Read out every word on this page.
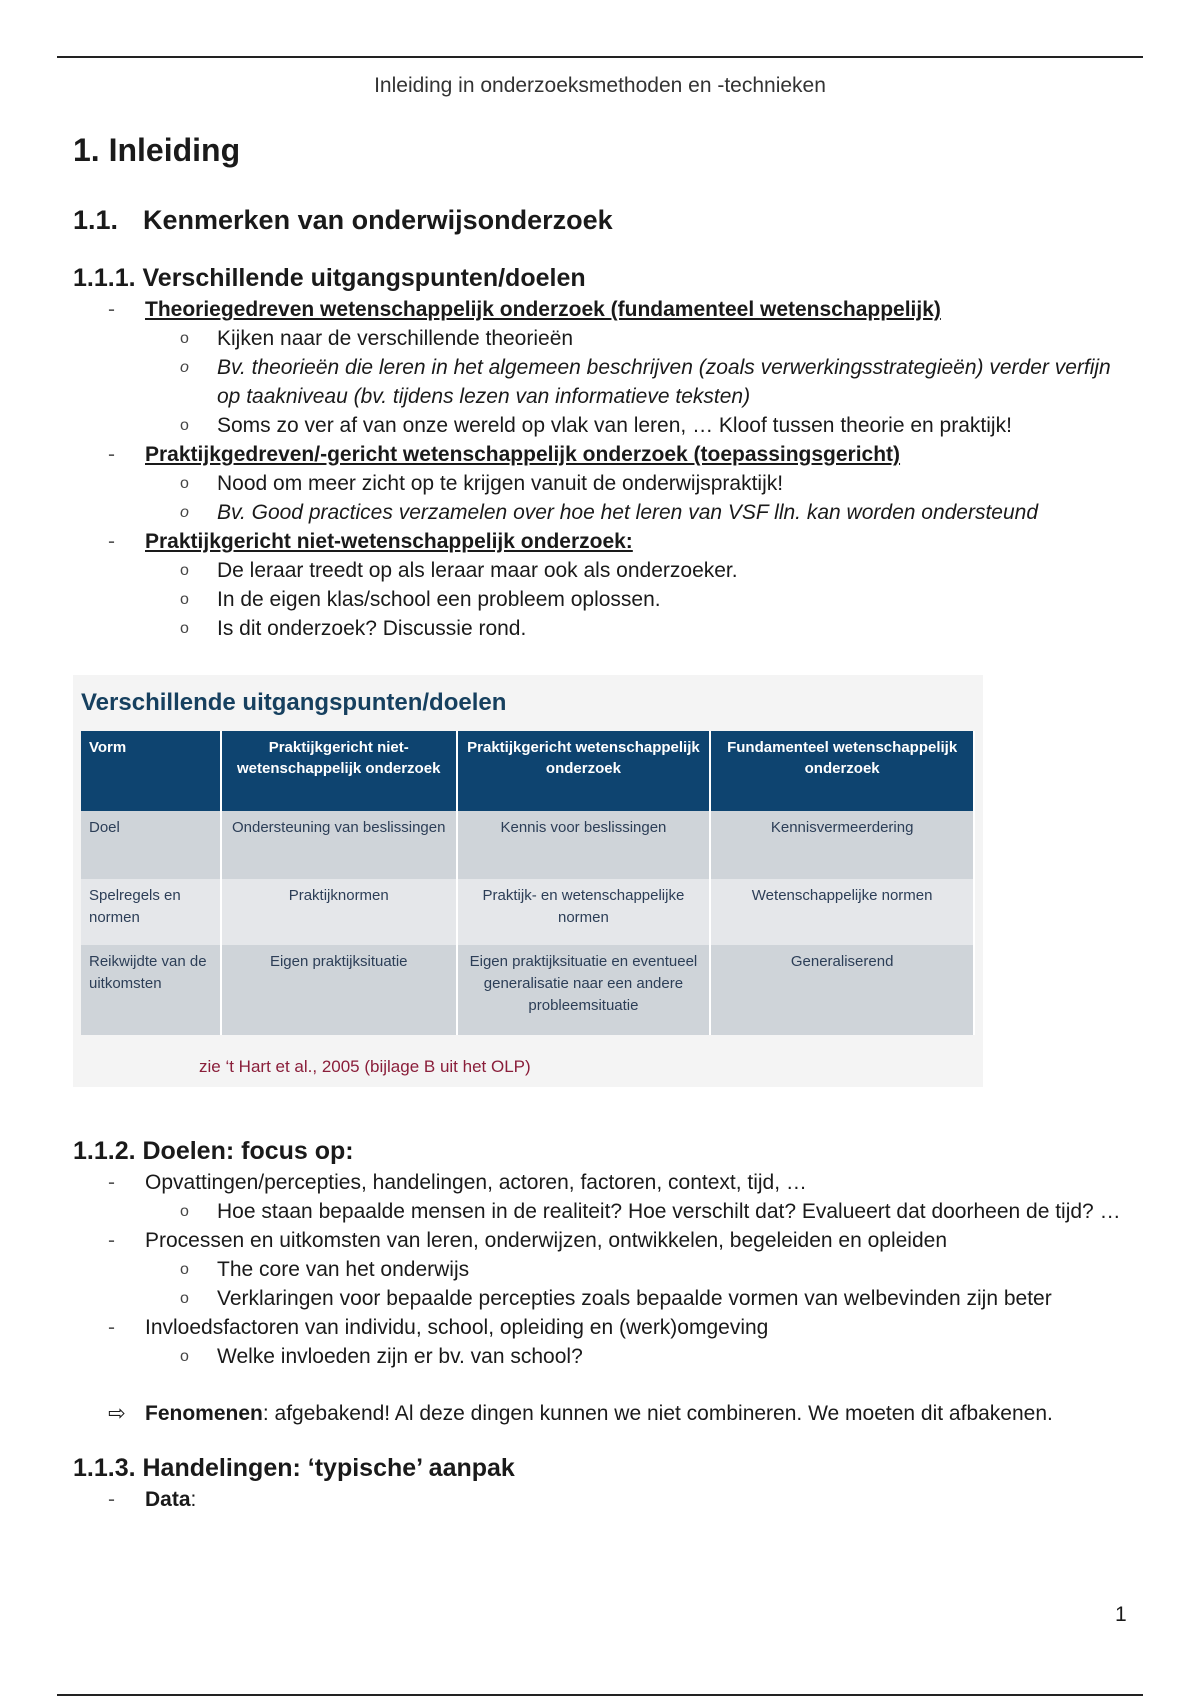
Inleiding in onderzoeksmethoden en -technieken
1. Inleiding
1.1. Kenmerken van onderwijsonderzoek
1.1.1. Verschillende uitgangspunten/doelen
- Theoriegedreven wetenschappelijk onderzoek (fundamenteel wetenschappelijk)
o Kijken naar de verschillende theorieën
o Bv. theorieën die leren in het algemeen beschrijven (zoals verwerkingsstrategieën) verder verfijn op taakniveau (bv. tijdens lezen van informatieve teksten)
o Soms zo ver af van onze wereld op vlak van leren, … Kloof tussen theorie en praktijk!
- Praktijkgedreven/-gericht wetenschappelijk onderzoek (toepassingsgericht)
o Nood om meer zicht op te krijgen vanuit de onderwijspraktijk!
o Bv. Good practices verzamelen over hoe het leren van VSF lln. kan worden ondersteund
- Praktijkgericht niet-wetenschappelijk onderzoek:
o De leraar treedt op als leraar maar ook als onderzoeker.
o In de eigen klas/school een probleem oplossen.
o Is dit onderzoek? Discussie rond.
Verschillende uitgangspunten/doelen
Vorm	Praktijkgericht niet-wetenschappelijk onderzoek	Praktijkgericht wetenschappelijk onderzoek	Fundamenteel wetenschappelijk onderzoek
Doel	Ondersteuning van beslissingen	Kennis voor beslissingen	Kennisvermeerdering
Spelregels en normen	Praktijknormen	Praktijk- en wetenschappelijke normen	Wetenschappelijke normen
Reikwijdte van de uitkomsten	Eigen praktijksituatie	Eigen praktijksituatie en eventueel generalisatie naar een andere probleemsituatie	Generaliserend
zie ‘t Hart et al., 2005 (bijlage B uit het OLP)
1.1.2. Doelen: focus op:
- Opvattingen/percepties, handelingen, actoren, factoren, context, tijd, …
o Hoe staan bepaalde mensen in de realiteit? Hoe verschilt dat? Evalueert dat doorheen de tijd? …
- Processen en uitkomsten van leren, onderwijzen, ontwikkelen, begeleiden en opleiden
o The core van het onderwijs
o Verklaringen voor bepaalde percepties zoals bepaalde vormen van welbevinden zijn beter
- Invloedsfactoren van individu, school, opleiding en (werk)omgeving
o Welke invloeden zijn er bv. van school?
⇨ Fenomenen: afgebakend! Al deze dingen kunnen we niet combineren. We moeten dit afbakenen.
1.1.3. Handelingen: ‘typische’ aanpak
- Data:
1
